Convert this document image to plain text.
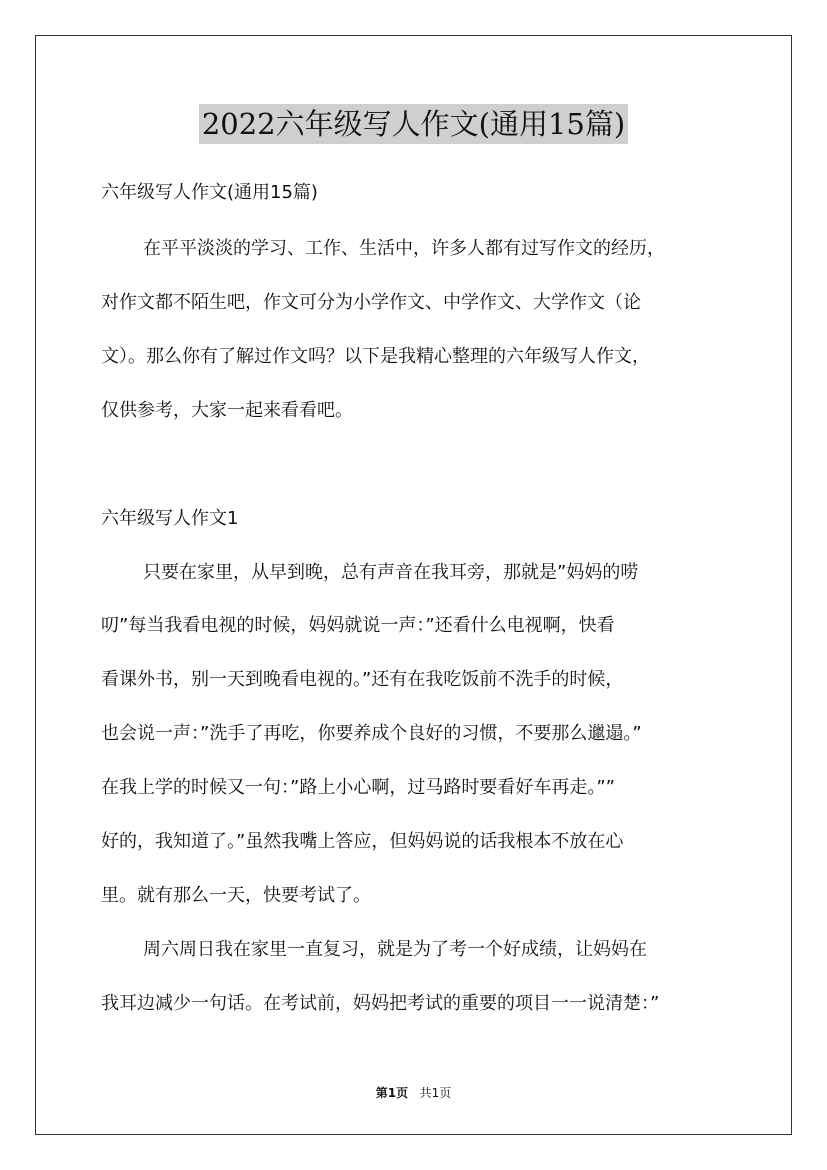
2022六年级写人作文(通用15篇)
六年级写人作文(通用15篇)
在平平淡淡的学习、工作、生活中，许多人都有过写作文的经历，
对作文都不陌生吧，作文可分为小学作文、中学作文、大学作文（论
文）。那么你有了解过作文吗？以下是我精心整理的六年级写人作文，
仅供参考，大家一起来看看吧。
六年级写人作文1
只要在家里，从早到晚，总有声音在我耳旁，那就是”妈妈的唠
叨”每当我看电视的时候，妈妈就说一声：”还看什么电视啊，快看
看课外书，别一天到晚看电视的。”还有在我吃饭前不洗手的时候，
也会说一声：”洗手了再吃，你要养成个良好的习惯，不要那么邋遢。”
在我上学的时候又一句：”路上小心啊，过马路时要看好车再走。””
好的，我知道了。”虽然我嘴上答应，但妈妈说的话我根本不放在心
里。就有那么一天，快要考试了。
周六周日我在家里一直复习，就是为了考一个好成绩，让妈妈在
我耳边减少一句话。在考试前，妈妈把考试的重要的项目一一说清楚：”
第1页 共1页
